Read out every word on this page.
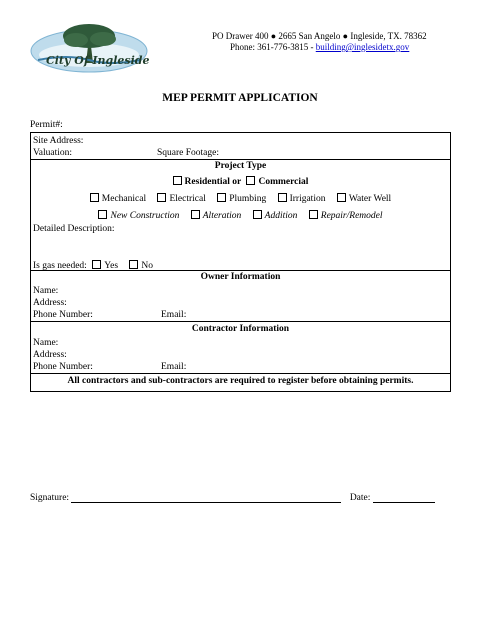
City Of Ingleside
PO Drawer 400 ● 2665 San Angelo ● Ingleside, TX. 78362
Phone: 361-776-3815 - building@inglesidetx.gov
MEP PERMIT APPLICATION
Permit#:
Site Address:
Valuation:	Square Footage:
Project Type
Residential or Commercial
Mechanical Electrical Plumbing Irrigation Water Well
New Construction Alteration Addition Repair/Remodel
Detailed Description:
Is gas needed: Yes No
Owner Information
Name:
Address:
Phone Number:	Email:
Contractor Information
Name:
Address:
Phone Number:	Email:
All contractors and sub-contractors are required to register before obtaining permits.
Signature:	Date:
